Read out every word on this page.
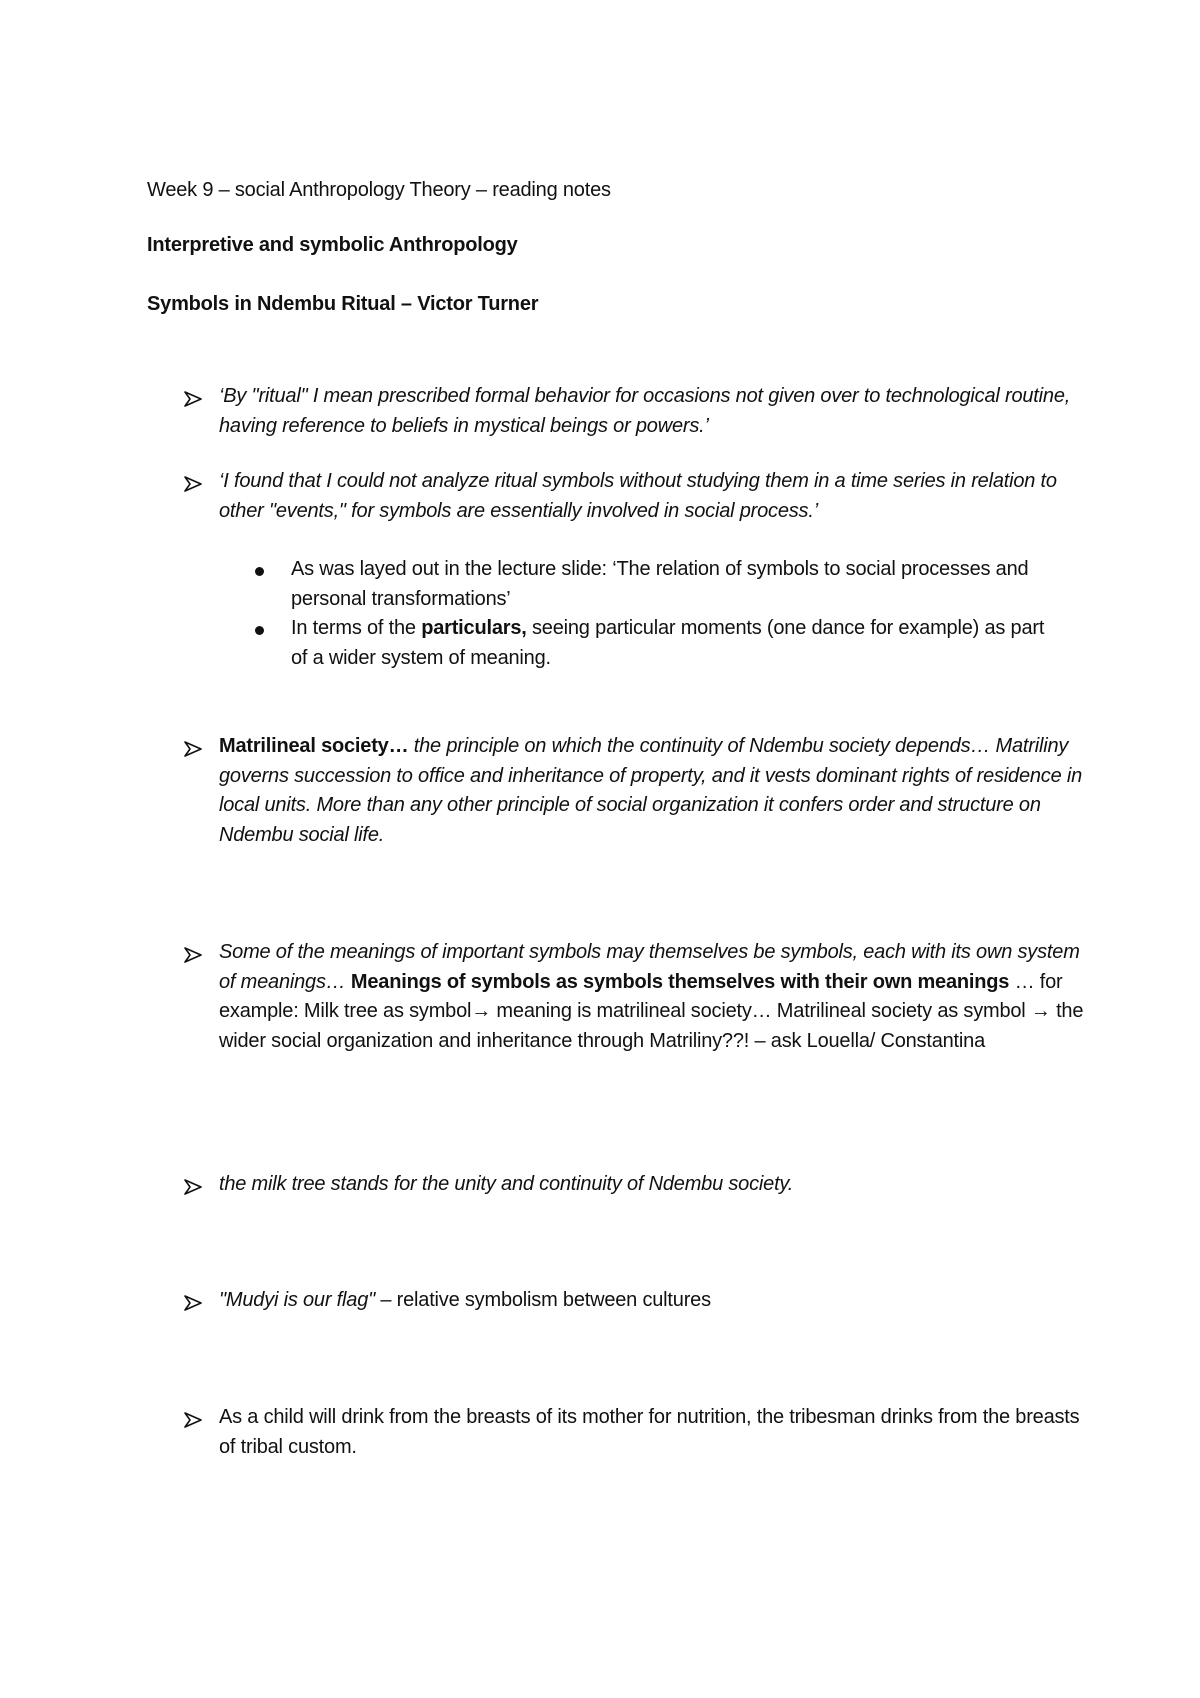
Week 9 – social Anthropology Theory – reading notes
Interpretive and symbolic Anthropology
Symbols in Ndembu Ritual – Victor Turner

‘By "ritual" I mean prescribed formal behavior for occasions not given over to technological routine, having reference to beliefs in mystical beings or powers.’

‘I found that I could not analyze ritual symbols without studying them in a time series in relation to other "events," for symbols are essentially involved in social process.’

As was layed out in the lecture slide: ‘The relation of symbols to social processes and personal transformations’
In terms of the particulars, seeing particular moments (one dance for example) as part of a wider system of meaning.
Matrilineal society… the principle on which the continuity of Ndembu society depends… Matriliny governs succession to office and inheritance of property, and it vests dominant rights of residence in local units. More than any other principle of social organization it confers order and structure on Ndembu social life.
Some of the meanings of important symbols may themselves be symbols, each with its own system of meanings… Meanings of symbols as symbols themselves with their own meanings … for example: Milk tree as symbol→ meaning is matrilineal society… Matrilineal society as symbol → the wider social organization and inheritance through Matriliny??! – ask Louella/ Constantina
the milk tree stands for the unity and continuity of Ndembu society.
"Mudyi is our flag" – relative symbolism between cultures
As a child will drink from the breasts of its mother for nutrition, the tribesman drinks from the breasts of tribal custom.
